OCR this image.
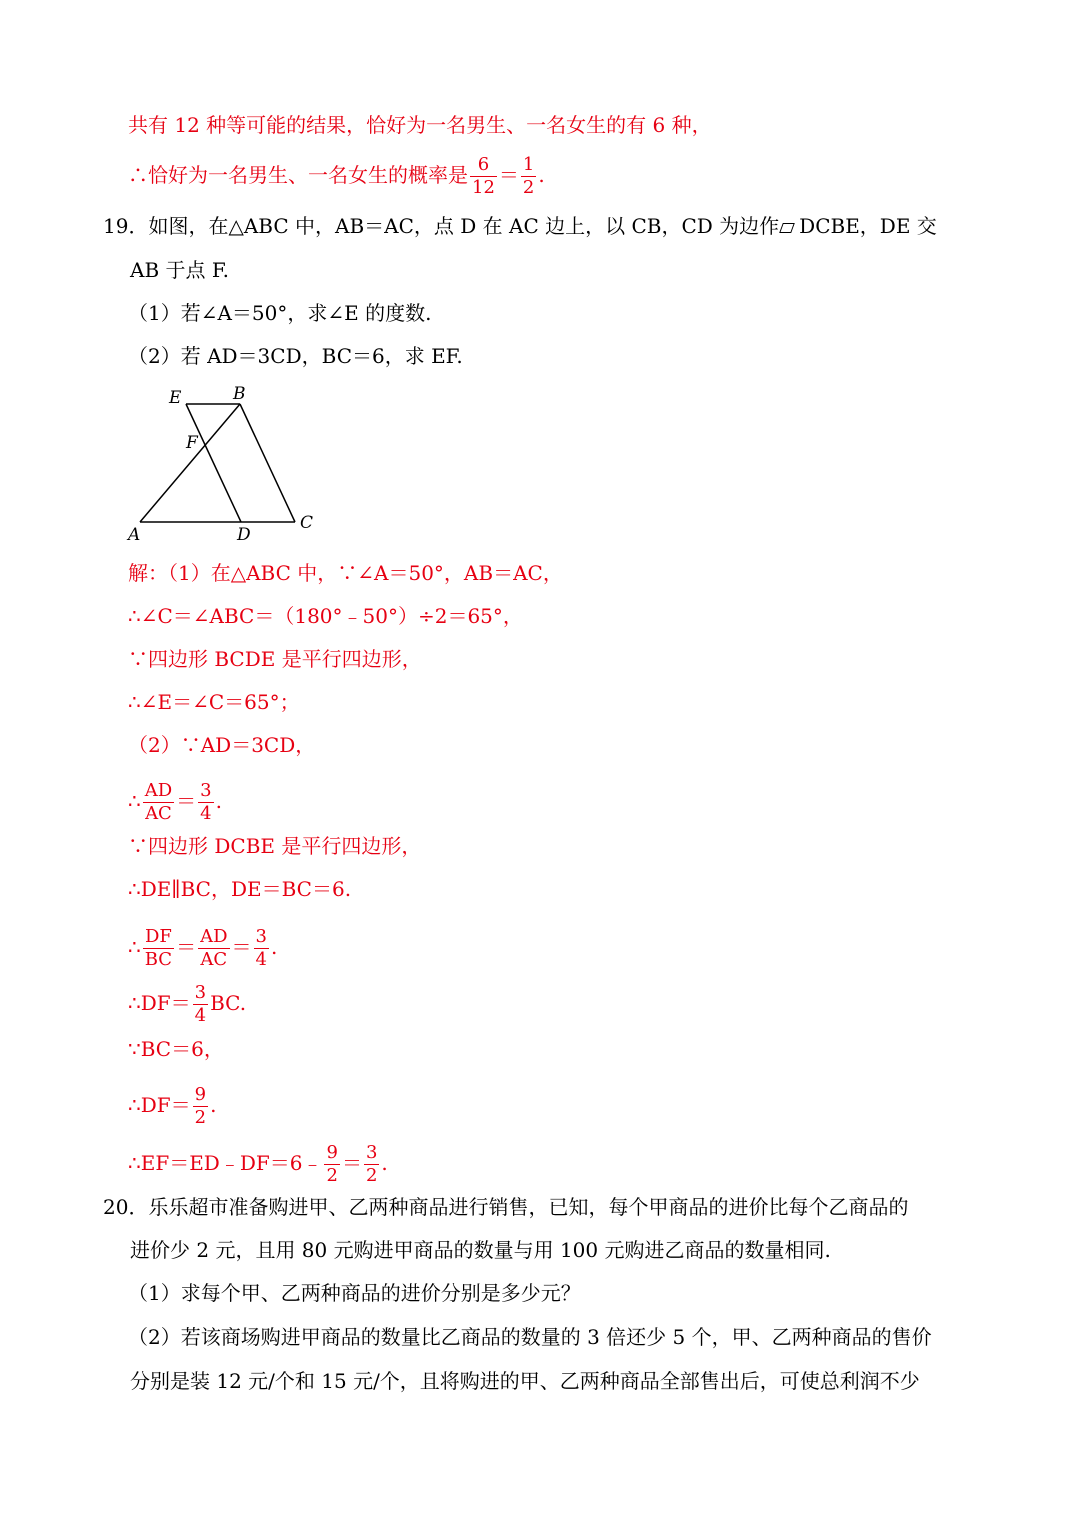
共有 12 种等可能的结果，恰好为一名男生、一名女生的有 6 种，
∴恰好为一名男生、一名女生的概率是 $\frac{6}{12} = \frac{1}{2}$ .
19．如图，在△ABC 中，AB＝AC，点 D 在 AC 边上，以 CB，CD 为边作 DCBE，DE 交
AB 于点 F.
（1）若∠A＝50°，求∠E 的度数.
（2）若 AD＝3CD，BC＝6，求 EF.
E	B
F
A	D
C
解：（1）在△ABC 中，∵∠A＝50°，AB＝AC，
∴∠C＝∠ABC＝（180°﹣50°）÷2＝65°，
∵四边形 BCDE 是平行四边形，
∴∠E＝∠C＝65°；
（2）∵AD＝3CD，
∴ $\frac{AD}{AC} = \frac{3}{4}$ .
∵四边形 DCBE 是平行四边形，
∴DE∥BC，DE＝BC＝6.
∴ $\frac{DF}{BC} = \frac{AD}{AC} = \frac{3}{4}$ .
∴DF＝ $\frac{3}{4}$ BC.
∵BC＝6，
∴DF＝ $\frac{9}{2}$ .
∴EF＝ED﹣DF＝6﹣ $\frac{9}{2} = \frac{3}{2}$ .
20．乐乐超市准备购进甲、乙两种商品进行销售，已知，每个甲商品的进价比每个乙商品的
进价少 2 元，且用 80 元购进甲商品的数量与用 100 元购进乙商品的数量相同.
（1）求每个甲、乙两种商品的进价分别是多少元？
（2）若该商场购进甲商品的数量比乙商品的数量的 3 倍还少 5 个，甲、乙两种商品的售价
分别是装 12 元/个和 15 元/个，且将购进的甲、乙两种商品全部售出后，可使总利润不少
